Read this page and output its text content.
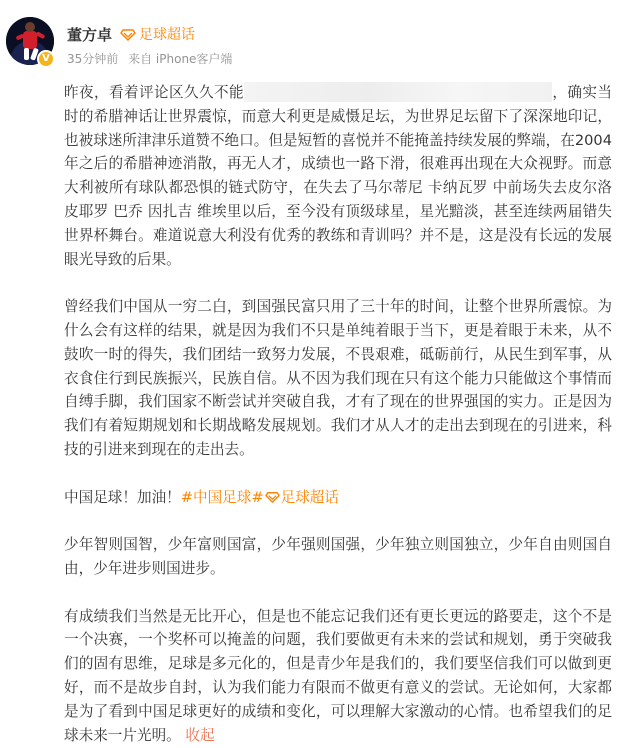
V
董方卓 足球超话
35分钟前 来自 iPhone客户端

昨夜，看着评论区久久不能	，确实当时的希腊神话让世界震惊，而意大利更是威慑足坛，为世界足坛留下了深深地印记，也被球迷所津津乐道赞不绝口。但是短暂的喜悦并不能掩盖持续发展的弊端，在2004年之后的希腊神迹消散，再无人才，成绩也一路下滑，很难再出现在大众视野。而意大利被所有球队都恐惧的链式防守，在失去了马尔蒂尼 卡纳瓦罗 中前场失去皮尔洛 皮耶罗 巴乔 因扎吉 维埃里以后，至今没有顶级球星，星光黯淡，甚至连续两届错失世界杯舞台。难道说意大利没有优秀的教练和青训吗？并不是，这是没有长远的发展眼光导致的后果。

曾经我们中国从一穷二白，到国强民富只用了三十年的时间，让整个世界所震惊。为什么会有这样的结果，就是因为我们不只是单纯着眼于当下，更是着眼于未来，从不鼓吹一时的得失，我们团结一致努力发展，不畏艰难，砥砺前行，从民生到军事，从衣食住行到民族振兴，民族自信。从不因为我们现在只有这个能力只能做这个事情而自缚手脚，我们国家不断尝试并突破自我，才有了现在的世界强国的实力。正是因为我们有着短期规划和长期战略发展规划。我们才从人才的走出去到现在的引进来，科技的引进来到现在的走出去。

中国足球！加油！#中国足球# 足球超话

少年智则国智，少年富则国富，少年强则国强，少年独立则国独立，少年自由则国自由，少年进步则国进步。

有成绩我们当然是无比开心，但是也不能忘记我们还有更长更远的路要走，这个不是一个决赛，一个奖杯可以掩盖的问题，我们要做更有未来的尝试和规划，勇于突破我们的固有思维，足球是多元化的，但是青少年是我们的，我们要坚信我们可以做到更好，而不是故步自封，认为我们能力有限而不做更有意义的尝试。无论如何，大家都是为了看到中国足球更好的成绩和变化，可以理解大家激动的心情。也希望我们的足球未来一片光明。 收起
